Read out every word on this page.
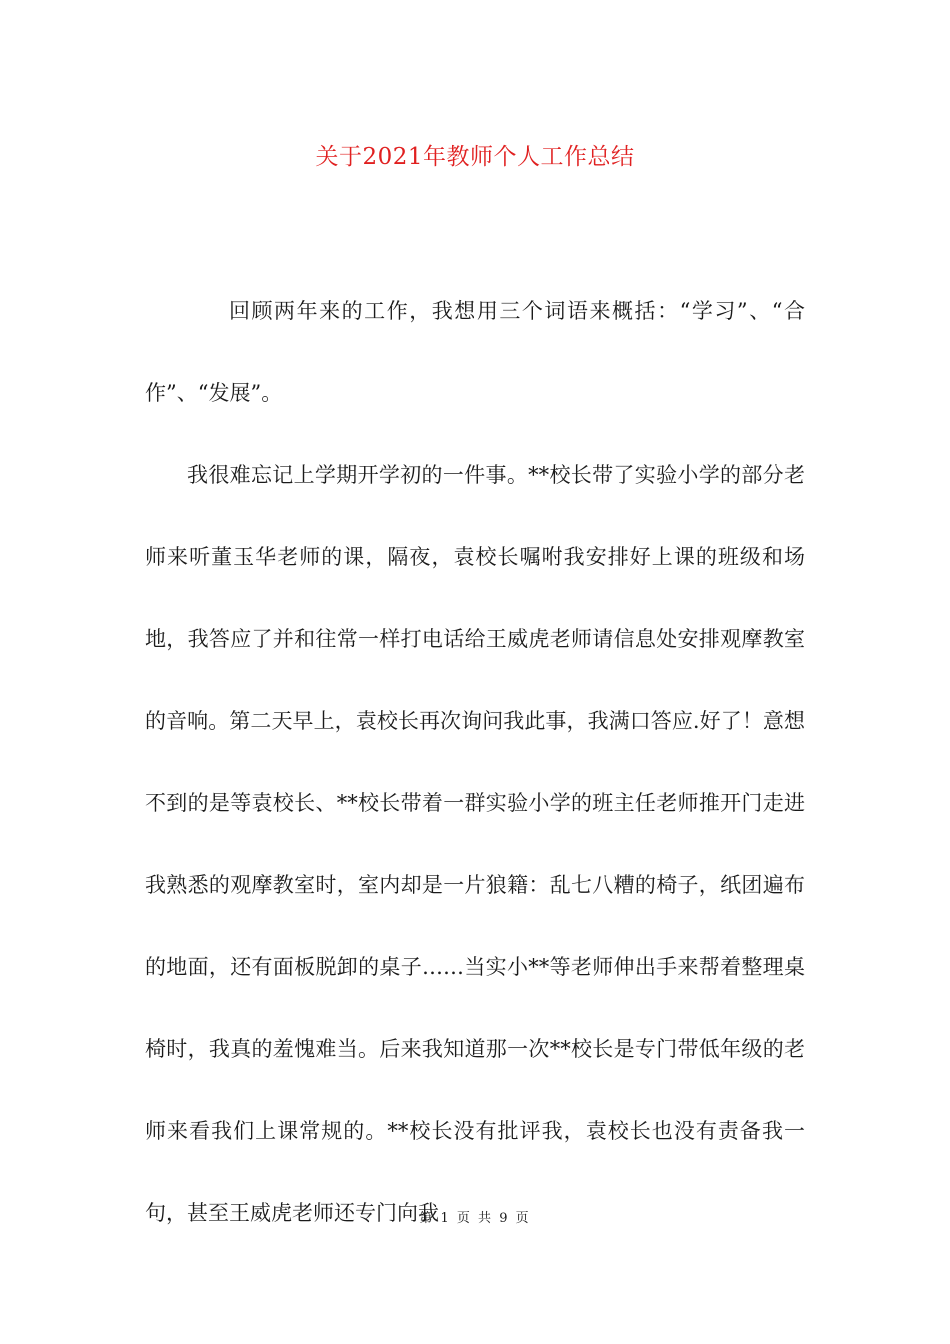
关于2021年教师个人工作总结

回顾两年来的工作，我想用三个词语来概括：“学习”、“合作”、“发展”。

我很难忘记上学期开学初的一件事。**校长带了实验小学的部分老师来听董玉华老师的课，隔夜，袁校长嘱咐我安排好上课的班级和场地，我答应了并和往常一样打电话给王威虎老师请信息处安排观摩教室的音响。第二天早上，袁校长再次询问我此事，我满口答应.好了！意想不到的是等袁校长、**校长带着一群实验小学的班主任老师推开门走进我熟悉的观摩教室时，室内却是一片狼籍：乱七八糟的椅子，纸团遍布的地面，还有面板脱卸的桌子……当实小**等老师伸出手来帮着整理桌椅时，我真的羞愧难当。后来我知道那一次**校长是专门带低年级的老师来看我们上课常规的。**校长没有批评我，袁校长也没有责备我一句，甚至王威虎老师还专门向我

第 1 页 共 9 页
